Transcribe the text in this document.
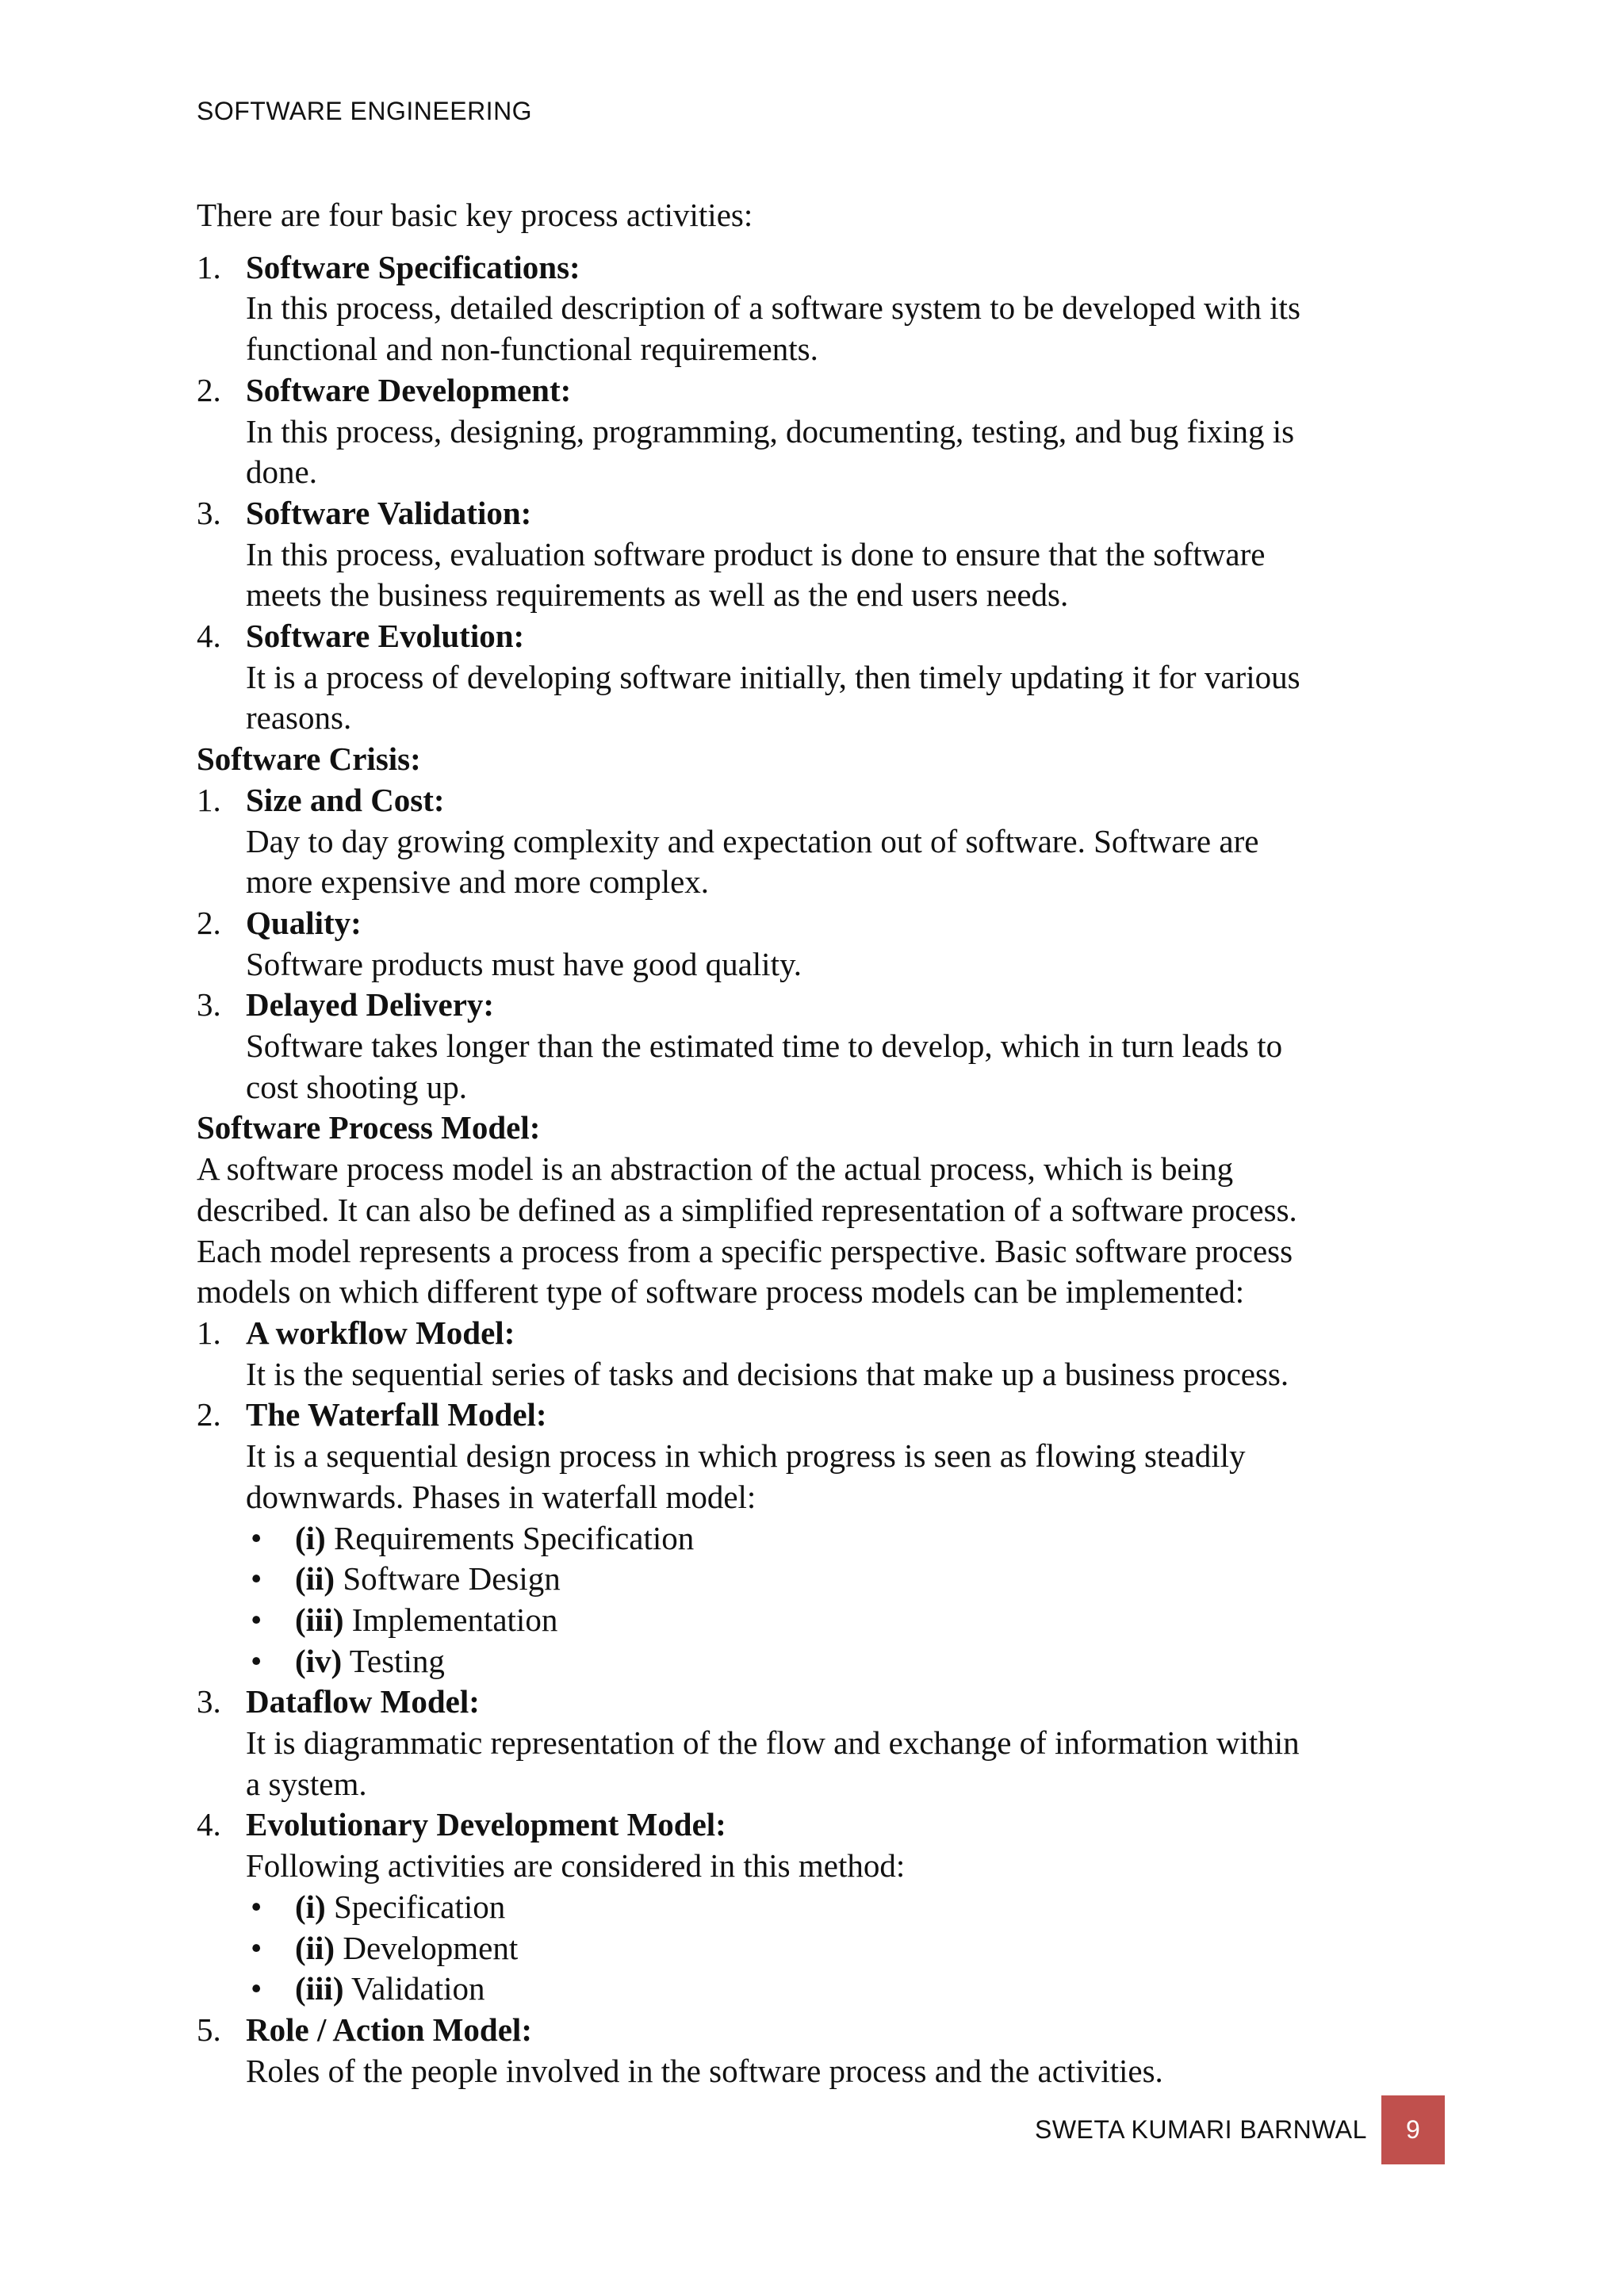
SOFTWARE ENGINEERING
There are four basic key process activities:
1. Software Specifications:
In this process, detailed description of a software system to be developed with its
functional and non-functional requirements.
2. Software Development:
In this process, designing, programming, documenting, testing, and bug fixing is
done.
3. Software Validation:
In this process, evaluation software product is done to ensure that the software
meets the business requirements as well as the end users needs.
4. Software Evolution:
It is a process of developing software initially, then timely updating it for various
reasons.
Software Crisis:
1. Size and Cost:
Day to day growing complexity and expectation out of software. Software are
more expensive and more complex.
2. Quality:
Software products must have good quality.
3. Delayed Delivery:
Software takes longer than the estimated time to develop, which in turn leads to
cost shooting up.
Software Process Model:
A software process model is an abstraction of the actual process, which is being
described. It can also be defined as a simplified representation of a software process.
Each model represents a process from a specific perspective. Basic software process
models on which different type of software process models can be implemented:
1. A workflow Model:
It is the sequential series of tasks and decisions that make up a business process.
2. The Waterfall Model:
It is a sequential design process in which progress is seen as flowing steadily
downwards. Phases in waterfall model:
•	(i) Requirements Specification
•	(ii) Software Design
•	(iii) Implementation
•	(iv) Testing
3. Dataflow Model:
It is diagrammatic representation of the flow and exchange of information within
a system.
4. Evolutionary Development Model:
Following activities are considered in this method:
•	(i) Specification
•	(ii) Development
•	(iii) Validation
5. Role / Action Model:
Roles of the people involved in the software process and the activities.
SWETA KUMARI BARNWAL	9
